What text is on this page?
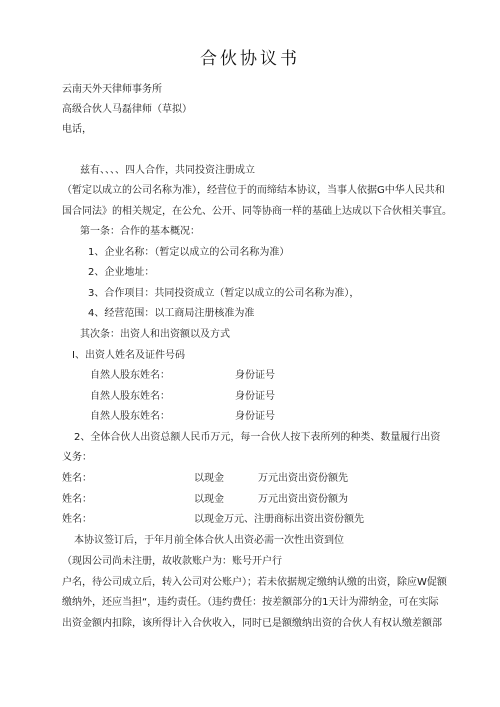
合伙协议书
云南天外天律师事务所
高级合伙人马磊律师（草拟）
电话，
兹有、、、、四人合作，共同投资注册成立
（暂定以成立的公司名称为准），经营位于的而缔结本协议，当事人依据G中华人民共和
国合同法》的相关规定，在公允、公开、同等协商一样的基础上达成以下合伙相关事宜。
第一条：合作的基本概况：
1、企业名称：（暂定以成立的公司名称为准）
2、企业地址：
3、合作项目：共同投资成立（暂定以成立的公司名称为准），
4、经营范围：以工商局注册核准为准
其次条：出资人和出资额以及方式
I、出资人姓名及证件号码
自然人股东姓名：	身份证号
自然人股东姓名：	身份证号
自然人股东姓名：	身份证号
2、全体合伙人出资总额人民币万元，每一合伙人按下表所列的种类、数量履行出资
义务：
姓名：	以现金	万元出资出资份额先
姓名：	以现金	万元出资出资份额为
姓名：	以现金万元、注册商标出资出资份额先
本协议签订后，于年月前全体合伙人出资必需一次性出资到位
（现因公司尚未注册，故收款账户为：账号开户行
户名，待公司成立后，转入公司对公账户）；若未依据规定缴纳认缴的出资，除应W促额
缴纳外，还应当担“，违约责任。（违约费任：按差额部分的1天计为滞纳金，可在实际
出资金额内扣除，该所得计入合伙收入，同时已是额缴纳出资的合伙人有权认缴差额部
